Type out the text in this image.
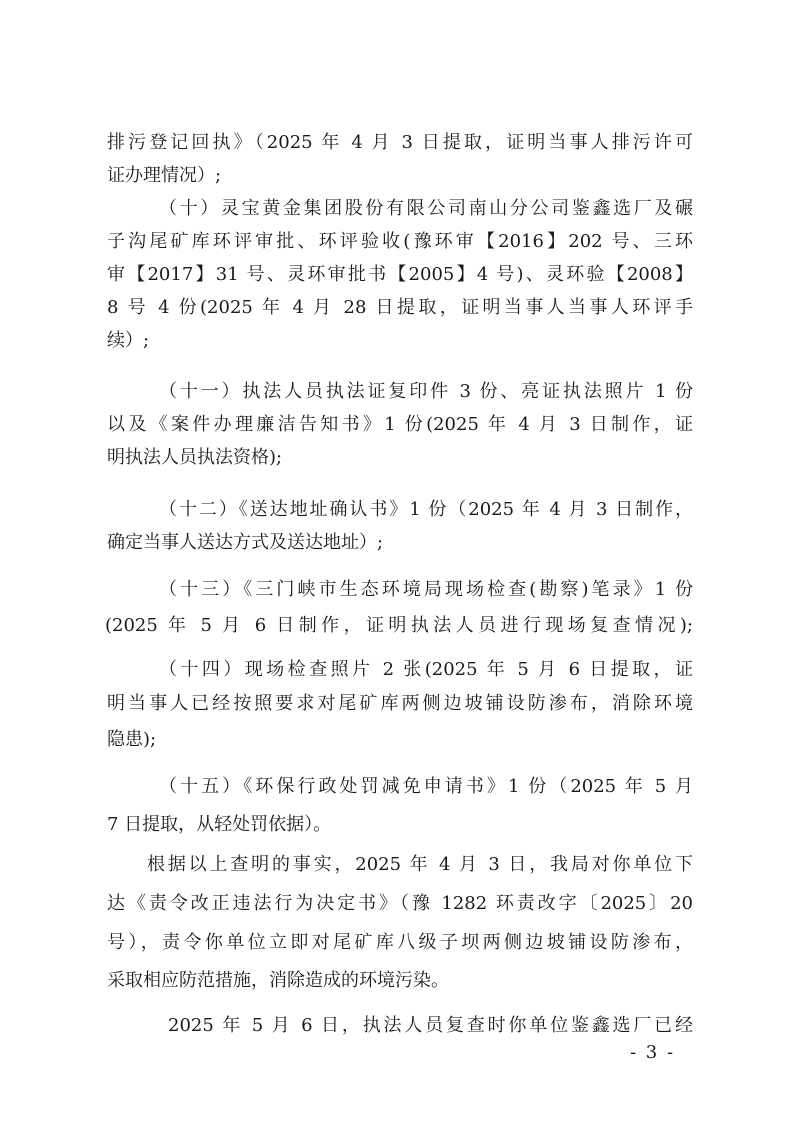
排污登记回执》（2025 年 4 月 3 日提取，证明当事人排污许可
证办理情况）;
（十）灵宝黄金集团股份有限公司南山分公司鉴鑫选厂及碾
子沟尾矿库环评审批、环评验收(豫环审【2016】202 号、三环
审【2017】31 号、灵环审批书【2005】4 号)、灵环验【2008】
8 号 4 份(2025 年 4 月 28 日提取，证明当事人当事人环评手
续）;
（十一）执法人员执法证复印件 3 份、亮证执法照片 1 份
以及《案件办理廉洁告知书》1 份(2025 年 4 月 3 日制作，证
明执法人员执法资格);
（十二）《送达地址确认书》1 份（2025 年 4 月 3 日制作，
确定当事人送达方式及送达地址）;
（十三）《三门峡市生态环境局现场检查(勘察)笔录》1 份
(2025 年 5 月 6 日制作，证明执法人员进行现场复查情况);
（十四）现场检查照片 2 张(2025 年 5 月 6 日提取，证
明当事人已经按照要求对尾矿库两侧边坡铺设防渗布，消除环境
隐患);
（十五）《环保行政处罚减免申请书》1 份（2025 年 5 月
7 日提取，从轻处罚依据）。
根据以上查明的事实，2025 年 4 月 3 日，我局对你单位下
达《责令改正违法行为决定书》（豫 1282 环责改字〔2025〕20
号），责令你单位立即对尾矿库八级子坝两侧边坡铺设防渗布，
采取相应防范措施，消除造成的环境污染。
2025 年 5 月 6 日，执法人员复查时你单位鉴鑫选厂已经
- 3 -
